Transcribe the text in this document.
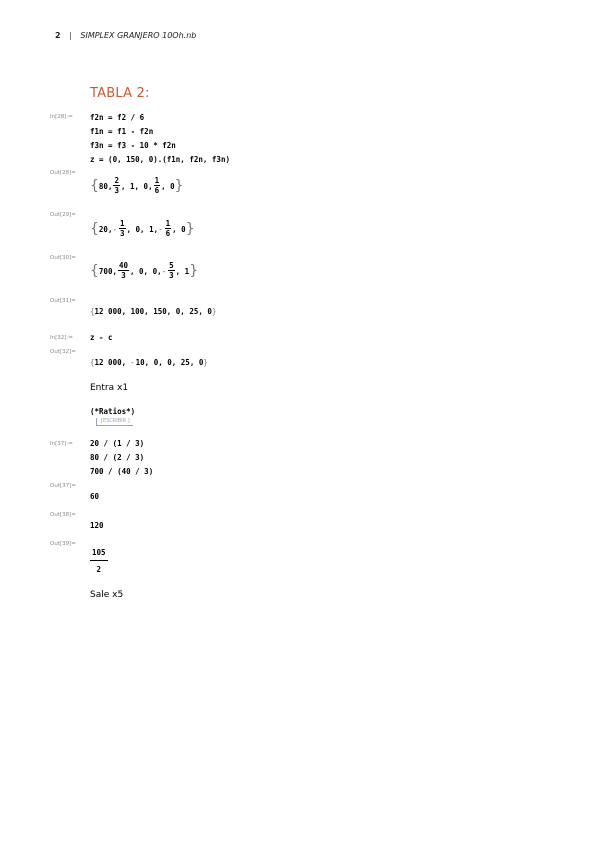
2 | SIMPLEX GRANJERO 10Oh.nb
TABLA 2:
In[28]:=	f2n = f2 / 6
f1n = f1 - f2n
f3n = f3 - 10 * f2n
z = (0, 150, 0).(f1n, f2n, f3n)
Out[28]=
{ 80, $\frac{2}{3}$ , 1, 0, $\frac{1}{6}$ , 0 }
Out[29]=
{ 20, - $\frac{1}{3}$ , 0, 1, - $\frac{1}{6}$ , 0 }
Out[30]=
{ 700, $\frac{40}{3}$ , 0, 0, - $\frac{5}{3}$ , 1 }
Out[31]=
{ 12 000, 100, 150, 0, 25, 0 }
In[32]:=	z - c
Out[32]=
{ 12 000, - 10, 0, 0, 25, 0 }
Entra x1
(*Ratios*)
[ESCRIBIR ]
In[37]:=	20 / (1 / 3)
80 / (2 / 3)
700 / (40 / 3)
Out[37]=
60
Out[38]=
120
Out[39]=
$\frac{105}{2}$
Sale x5
